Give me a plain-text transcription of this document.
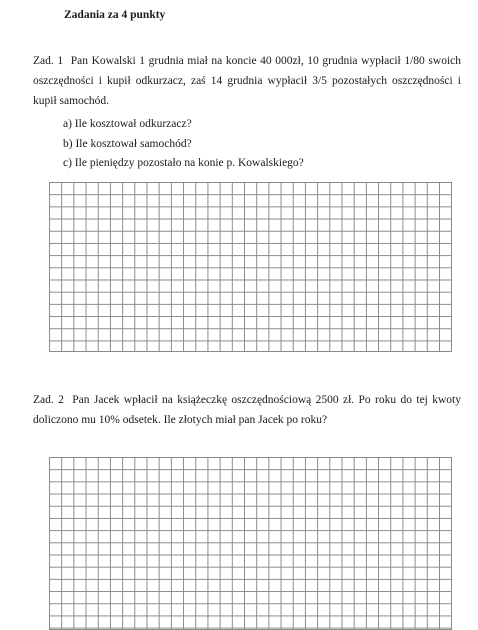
Zadania za 4 punkty
Zad. 1 Pan Kowalski 1 grudnia miał na koncie 40 000zł, 10 grudnia wypłacił 1/80 swoich oszczędności i kupił odkurzacz, zaś 14 grudnia wypłacił 3/5 pozostałych oszczędności i kupił samochód.
a) Ile kosztował odkurzacz?
b) Ile kosztował samochód?
c) Ile pieniędzy pozostało na konie p. Kowalskiego?
Zad. 2 Pan Jacek wpłacił na książeczkę oszczędnościową 2500 zł. Po roku do tej kwoty doliczono mu 10% odsetek. Ile złotych miał pan Jacek po roku?
